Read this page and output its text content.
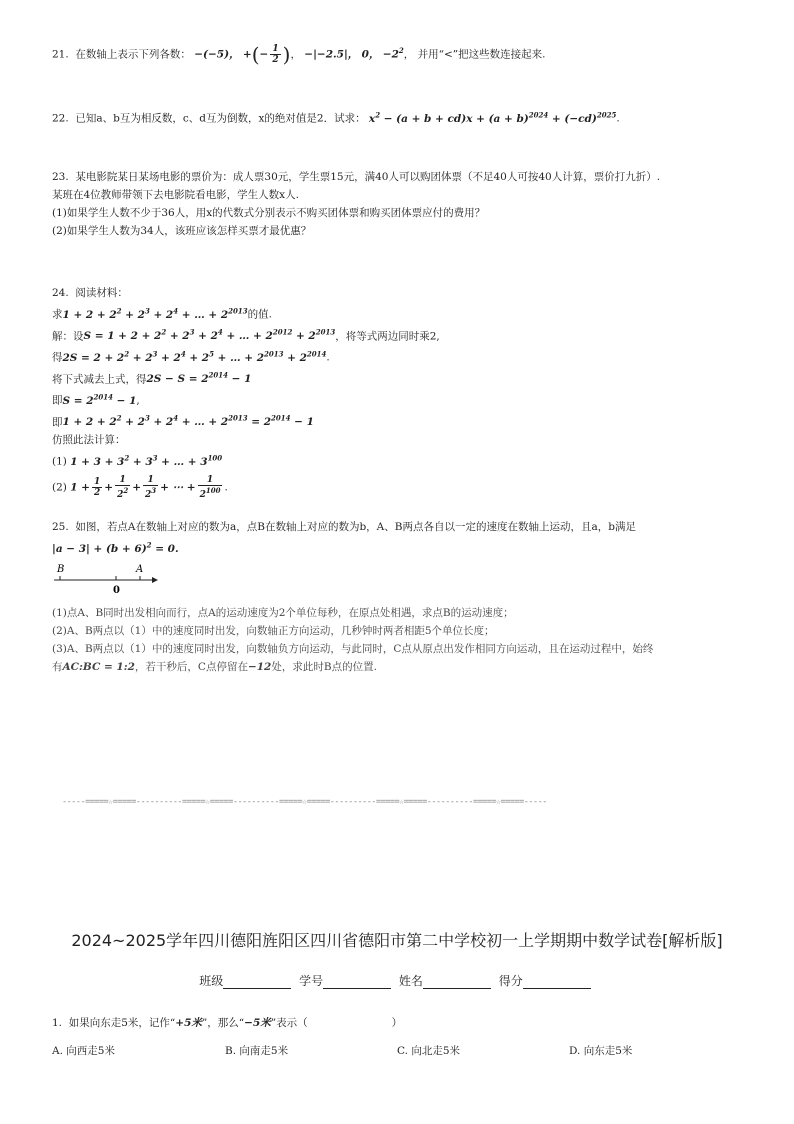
21. 在数轴上表示下列各数： −(−5)， +(− $\frac{1}{2}$ )， −|−2.5|， 0， $-2^2$， 并用“<”把这些数连接起来.
22. 已知a、b互为相反数，c、d互为倒数，x的绝对值是2．试求： $x^2 - (a + b + cd)x + (a + b)^{2024} + (-cd)^{2025}$.
23. 某电影院某日某场电影的票价为：成人票30元，学生票15元，满40人可以购团体票（不足40人可按40人计算，票价打九折）.
某班在4位教师带领下去电影院看电影，学生人数x人.
(1)如果学生人数不少于36人，用x的代数式分别表示不购买团体票和购买团体票应付的费用？
(2)如果学生人数为34人，该班应该怎样买票才最优惠？
24. 阅读材料：
求$1 + 2 + 2^2 + 2^3 + 2^4$ + … + $2^{2013}$的值.
解：设$S = 1 + 2 + 2^2 + 2^3 + 2^4$ + … + $2^{2012} + 2^{2013}$，将等式两边同时乘2,
得$2S = 2 + 2^2 + 2^3 + 2^4 + 2^5$ + … + $2^{2013} + 2^{2014}$.
将下式减去上式，得$2S - S = 2^{2014} - 1$
即$S = 2^{2014} - 1$,
即$1 + 2 + 2^2 + 2^3 + 2^4$ + … + $2^{2013} = 2^{2014} - 1$
仿照此法计算：
(1) $1 + 3 + 3^2 + 3^3$ + … + $3^{100}$
(2) $1 + \frac{1}{2} + \frac{1}{2^2} + \frac{1}{2^3}$ + ⋯ + $\frac{1}{2^{100}}$ .
25. 如图，若点A在数轴上对应的数为a，点B在数轴上对应的数为b，A、B两点各自以一定的速度在数轴上运动，且a，b满足
$|a - 3| + (b + 6)^2 = 0$.
B	A
0
(1)点A、B同时出发相向而行，点A的运动速度为2个单位每秒，在原点处相遇，求点B的运动速度；
(2)A、B两点以（1）中的速度同时出发，向数轴正方向运动，几秒钟时两者相距5个单位长度；
(3)A、B两点以（1）中的速度同时出发，向数轴负方向运动，与此同时，C点从原点出发作相同方向运动，且在运动过程中，始终
有AC:BC = 1:2，若干秒后，C点停留在−12处，求此时B点的位置.
-----=====☆=====----------=====☆=====----------=====☆=====----------=====☆=====----------=====☆=====-----
2024~2025学年四川德阳旌阳区四川省德阳市第二中学校初一上学期期中数学试卷[解析版]
班级	学号	姓名	得分
1. 如果向东走5米，记作“+5米”，那么“−5米”表示（	）
A. 向西走5米	B. 向南走5米	C. 向北走5米	D. 向东走5米
